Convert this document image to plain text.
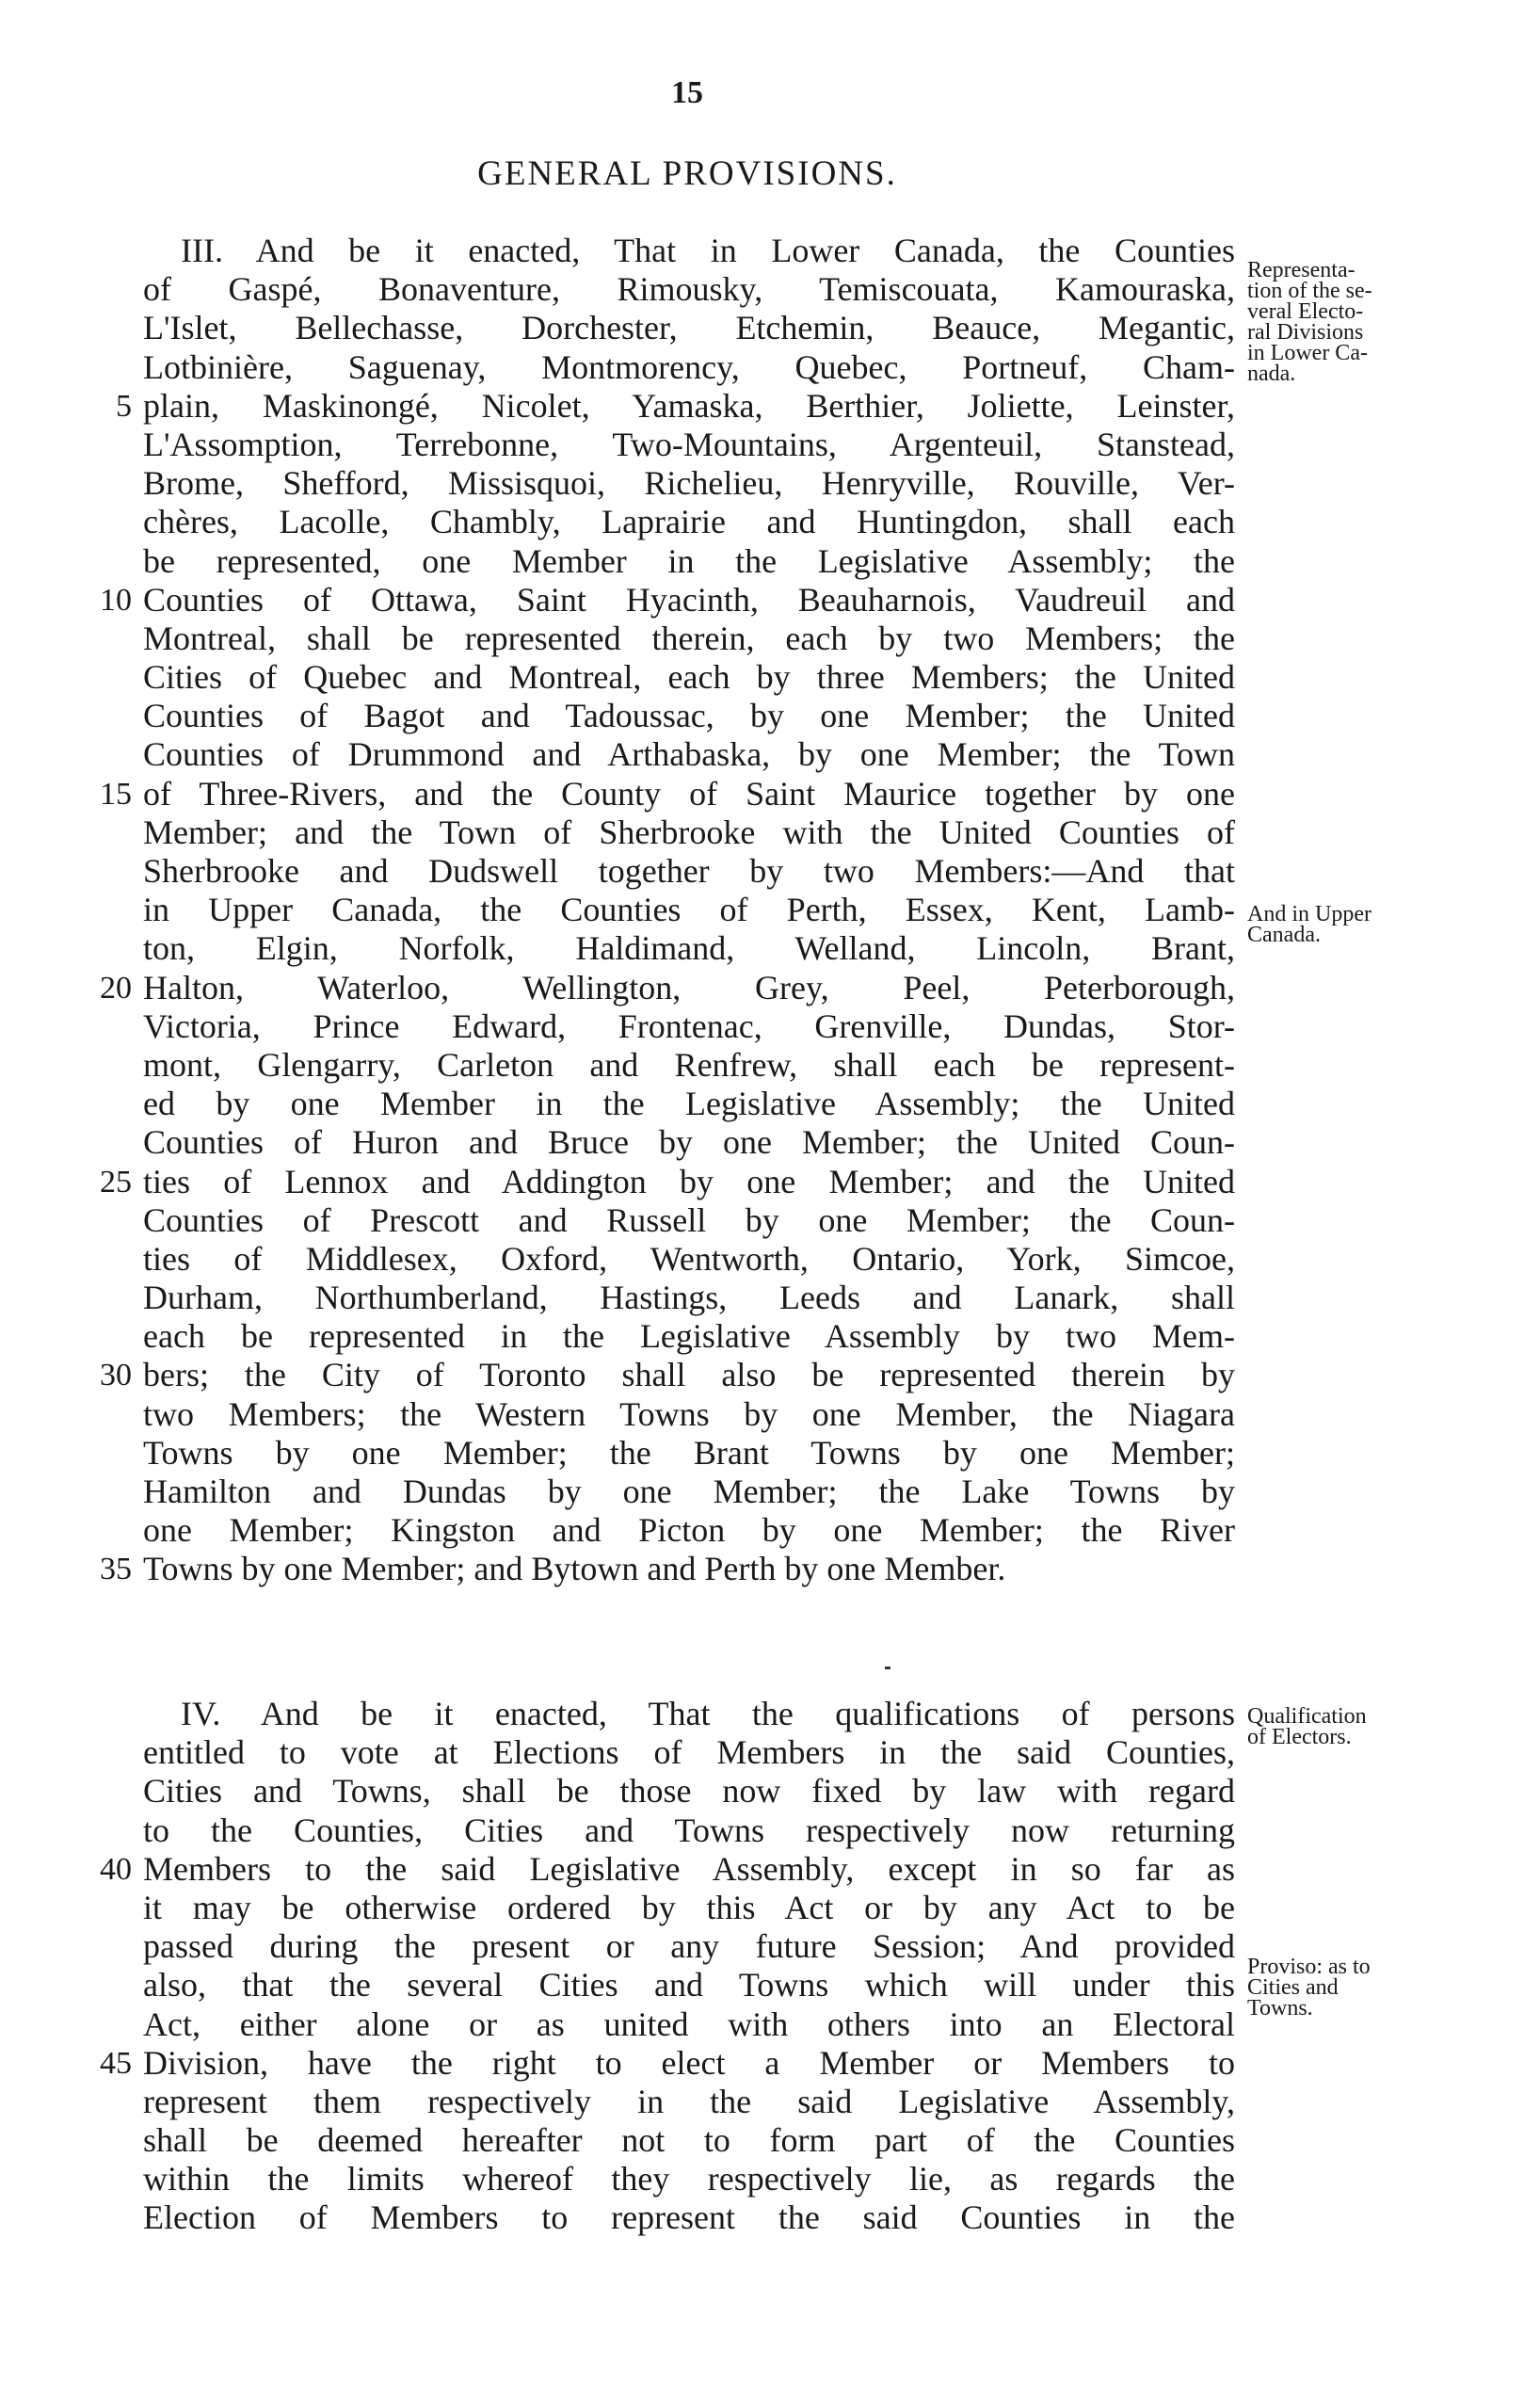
15
GENERAL PROVISIONS.
III. And be it enacted, That in Lower Canada, the Counties
of Gaspé, Bonaventure, Rimousky, Temiscouata, Kamouraska,
L'Islet, Bellechasse, Dorchester, Etchemin, Beauce, Megantic,
Lotbinière, Saguenay, Montmorency, Quebec, Portneuf, Cham-
5 plain, Maskinongé, Nicolet, Yamaska, Berthier, Joliette, Leinster,
L'Assomption, Terrebonne, Two-Mountains, Argenteuil, Stanstead,
Brome, Shefford, Missisquoi, Richelieu, Henryville, Rouville, Ver-
chères, Lacolle, Chambly, Laprairie and Huntingdon, shall each
be represented, one Member in the Legislative Assembly; the
10 Counties of Ottawa, Saint Hyacinth, Beauharnois, Vaudreuil and
Montreal, shall be represented therein, each by two Members; the
Cities of Quebec and Montreal, each by three Members; the United
Counties of Bagot and Tadoussac, by one Member; the United
Counties of Drummond and Arthabaska, by one Member; the Town
15 of Three-Rivers, and the County of Saint Maurice together by one
Member; and the Town of Sherbrooke with the United Counties of
Sherbrooke and Dudswell together by two Members:—And that
in Upper Canada, the Counties of Perth, Essex, Kent, Lamb-
ton, Elgin, Norfolk, Haldimand, Welland, Lincoln, Brant,
20 Halton, Waterloo, Wellington, Grey, Peel, Peterborough,
Victoria, Prince Edward, Frontenac, Grenville, Dundas, Stor-
mont, Glengarry, Carleton and Renfrew, shall each be represent-
ed by one Member in the Legislative Assembly; the United
Counties of Huron and Bruce by one Member; the United Coun-
25 ties of Lennox and Addington by one Member; and the United
Counties of Prescott and Russell by one Member; the Coun-
ties of Middlesex, Oxford, Wentworth, Ontario, York, Simcoe,
Durham, Northumberland, Hastings, Leeds and Lanark, shall
each be represented in the Legislative Assembly by two Mem-
30 bers; the City of Toronto shall also be represented therein by
two Members; the Western Towns by one Member, the Niagara
Towns by one Member; the Brant Towns by one Member;
Hamilton and Dundas by one Member; the Lake Towns by
one Member; Kingston and Picton by one Member; the River
35 Towns by one Member; and Bytown and Perth by one Member.
IV. And be it enacted, That the qualifications of persons
entitled to vote at Elections of Members in the said Counties,
Cities and Towns, shall be those now fixed by law with regard
to the Counties, Cities and Towns respectively now returning
40 Members to the said Legislative Assembly, except in so far as
it may be otherwise ordered by this Act or by any Act to be
passed during the present or any future Session; And provided
also, that the several Cities and Towns which will under this
Act, either alone or as united with others into an Electoral
45 Division, have the right to elect a Member or Members to
represent them respectively in the said Legislative Assembly,
shall be deemed hereafter not to form part of the Counties
within the limits whereof they respectively lie, as regards the
Election of Members to represent the said Counties in the
Representa-
tion of the se-
veral Electo-
ral Divisions
in Lower Ca-
nada.
And in Upper
Canada.
Qualification
of Electors.
Proviso: as to
Cities and
Towns.
